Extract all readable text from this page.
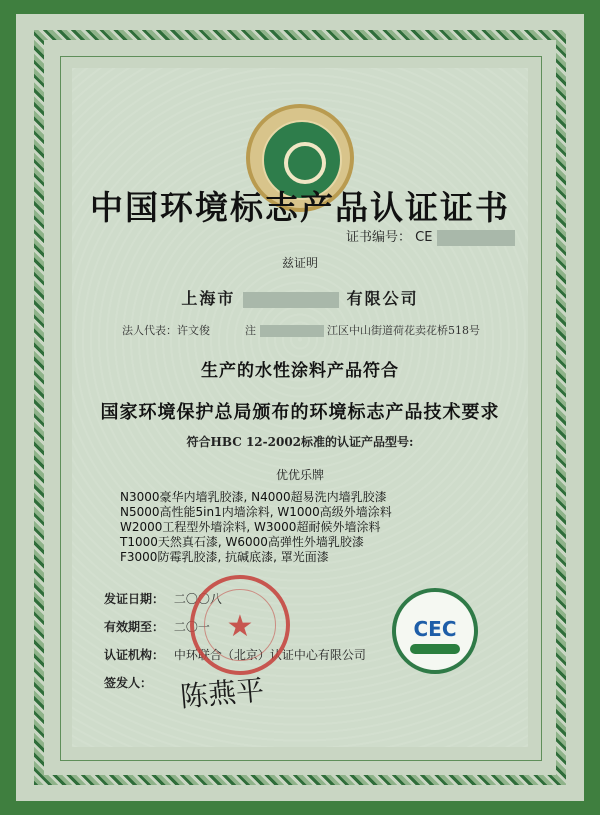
中国环境标志产品认证证书
证书编号： CE
兹证明
上海市	有限公司
法人代表：许文俊	注	江区中山街道荷花卖花桥518号
生产的水性涂料产品符合
国家环境保护总局颁布的环境标志产品技术要求
符合HBC 12-2002标准的认证产品型号:
优优乐牌
N3000豪华内墙乳胶漆, N4000超易洗内墙乳胶漆
N5000高性能5in1内墙涂料, W1000高级外墙涂料
W2000工程型外墙涂料, W3000超耐候外墙涂料
T1000天然真石漆, W6000高弹性外墙乳胶漆
F3000防霉乳胶漆, 抗碱底漆, 罩光面漆
发证日期： 二〇〇八
有效期至： 二〇一
认证机构： 中环联合（北京）认证中心有限公司
签发人：
★
陈燕平
CEC
